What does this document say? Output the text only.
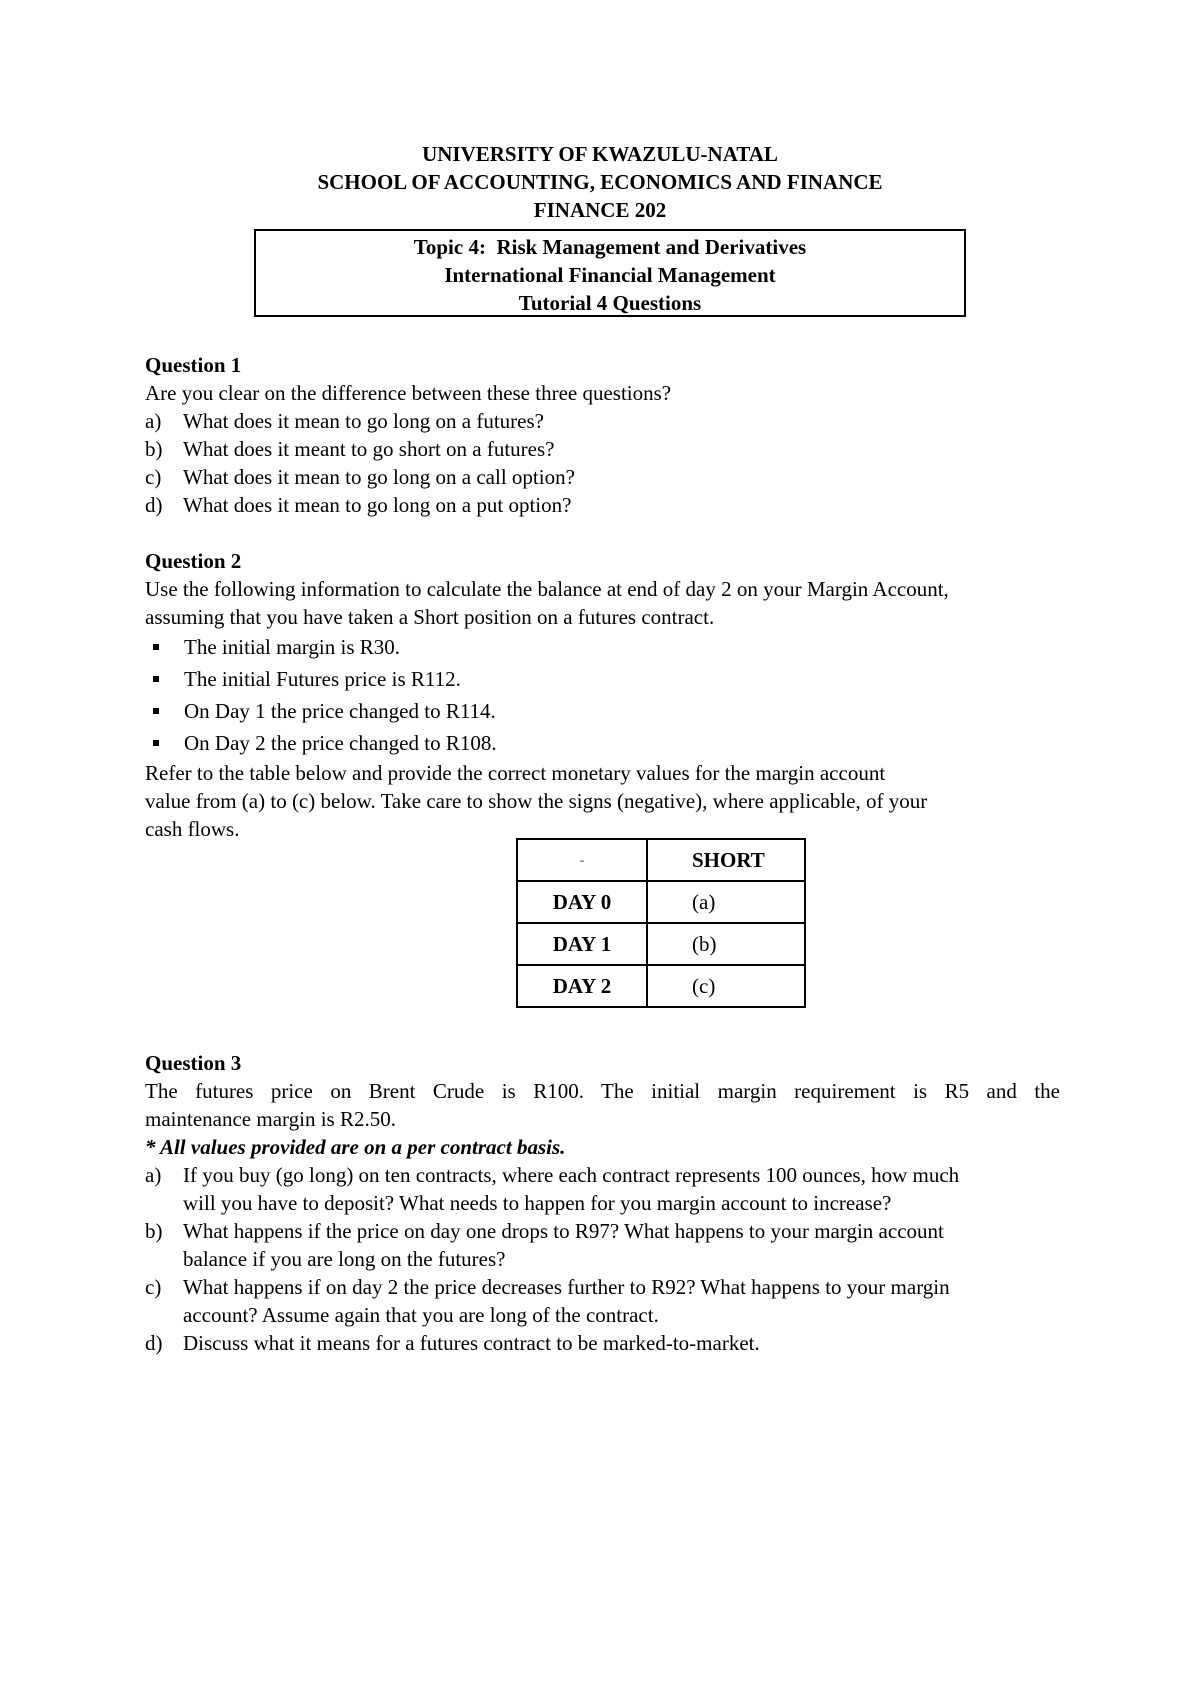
UNIVERSITY OF KWAZULU-NATAL
SCHOOL OF ACCOUNTING, ECONOMICS AND FINANCE
FINANCE 202
Topic 4:  Risk Management and Derivatives
International Financial Management
Tutorial 4 Questions
Question 1
Are you clear on the difference between these three questions?
a)	What does it mean to go long on a futures?
b) What does it meant to go short on a futures?
c)	What does it mean to go long on a call option?
d) What does it mean to go long on a put option?
Question 2
Use the following information to calculate the balance at end of day 2 on your Margin Account,
assuming that you have taken a Short position on a futures contract.
The initial margin is R30.
The initial Futures price is R112.
On Day 1 the price changed to R114.
On Day 2 the price changed to R108.
Refer to the table below and provide the correct monetary values for the margin account
value from (a) to (c) below. Take care to show the signs (negative), where applicable, of your
cash flows.
-	SHORT
DAY 0	(a)
DAY 1	(b)
DAY 2	(c)
Question 3
The futures price on Brent Crude is R100. The initial margin requirement is R5 and the
maintenance margin is R2.50.
* All values provided are on a per contract basis.
a)	If you buy (go long) on ten contracts, where each contract represents 100 ounces, how much
will you have to deposit? What needs to happen for you margin account to increase?
b) What happens if the price on day one drops to R97? What happens to your margin account
balance if you are long on the futures?
c)	What happens if on day 2 the price decreases further to R92? What happens to your margin
account? Assume again that you are long of the contract.
d) Discuss what it means for a futures contract to be marked-to-market.
